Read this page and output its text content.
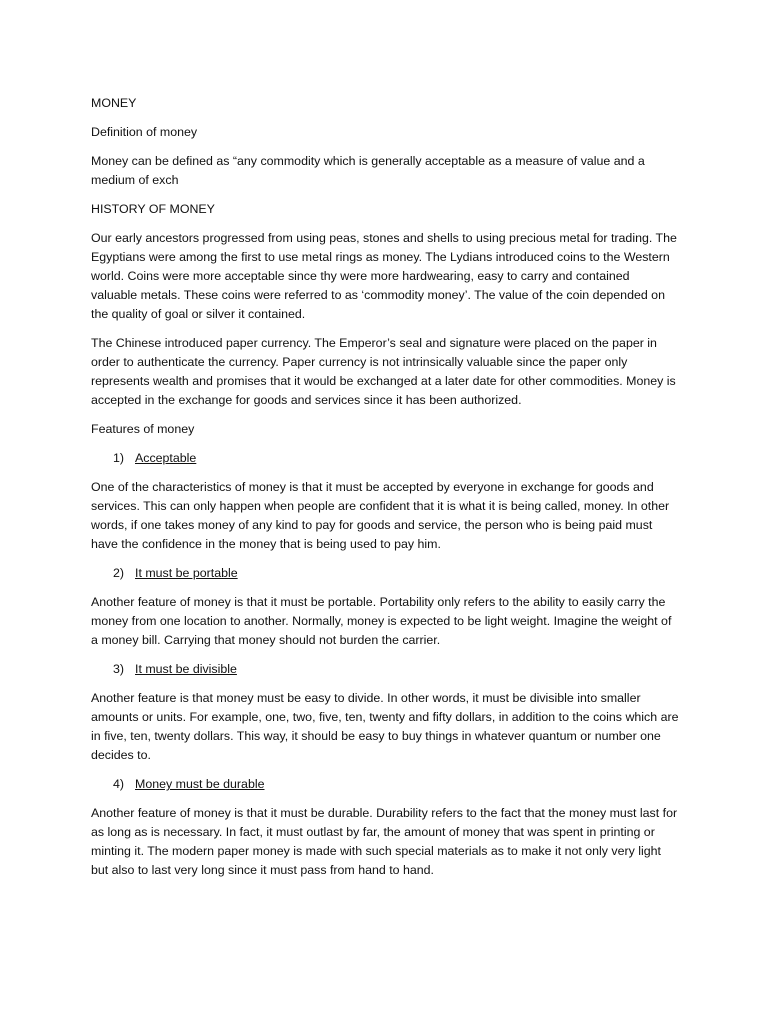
MONEY

Definition of money

Money can be defined as “any commodity which is generally acceptable as a measure of value and a medium of exch

HISTORY OF MONEY

Our early ancestors progressed from using peas, stones and shells to using precious metal for trading. The Egyptians were among the first to use metal rings as money. The Lydians introduced coins to the Western world. Coins were more acceptable since thy were more hardwearing, easy to carry and contained valuable metals. These coins were referred to as ‘commodity money’. The value of the coin depended on the quality of goal or silver it contained.

The Chinese introduced paper currency. The Emperor’s seal and signature were placed on the paper in order to authenticate the currency. Paper currency is not intrinsically valuable since the paper only represents wealth and promises that it would be exchanged at a later date for other commodities. Money is accepted in the exchange for goods and services since it has been authorized.

Features of money

1) Acceptable

One of the characteristics of money is that it must be accepted by everyone in exchange for goods and services. This can only happen when people are confident that it is what it is being called, money. In other words, if one takes money of any kind to pay for goods and service, the person who is being paid must have the confidence in the money that is being used to pay him.

2) It must be portable

Another feature of money is that it must be portable. Portability only refers to the ability to easily carry the money from one location to another. Normally, money is expected to be light weight. Imagine the weight of a money bill. Carrying that money should not burden the carrier.

3) It must be divisible

Another feature is that money must be easy to divide. In other words, it must be divisible into smaller amounts or units. For example, one, two, five, ten, twenty and fifty dollars, in addition to the coins which are in five, ten, twenty dollars. This way, it should be easy to buy things in whatever quantum or number one decides to.

4) Money must be durable

Another feature of money is that it must be durable. Durability refers to the fact that the money must last for as long as is necessary. In fact, it must outlast by far, the amount of money that was spent in printing or minting it. The modern paper money is made with such special materials as to make it not only very light but also to last very long since it must pass from hand to hand.
